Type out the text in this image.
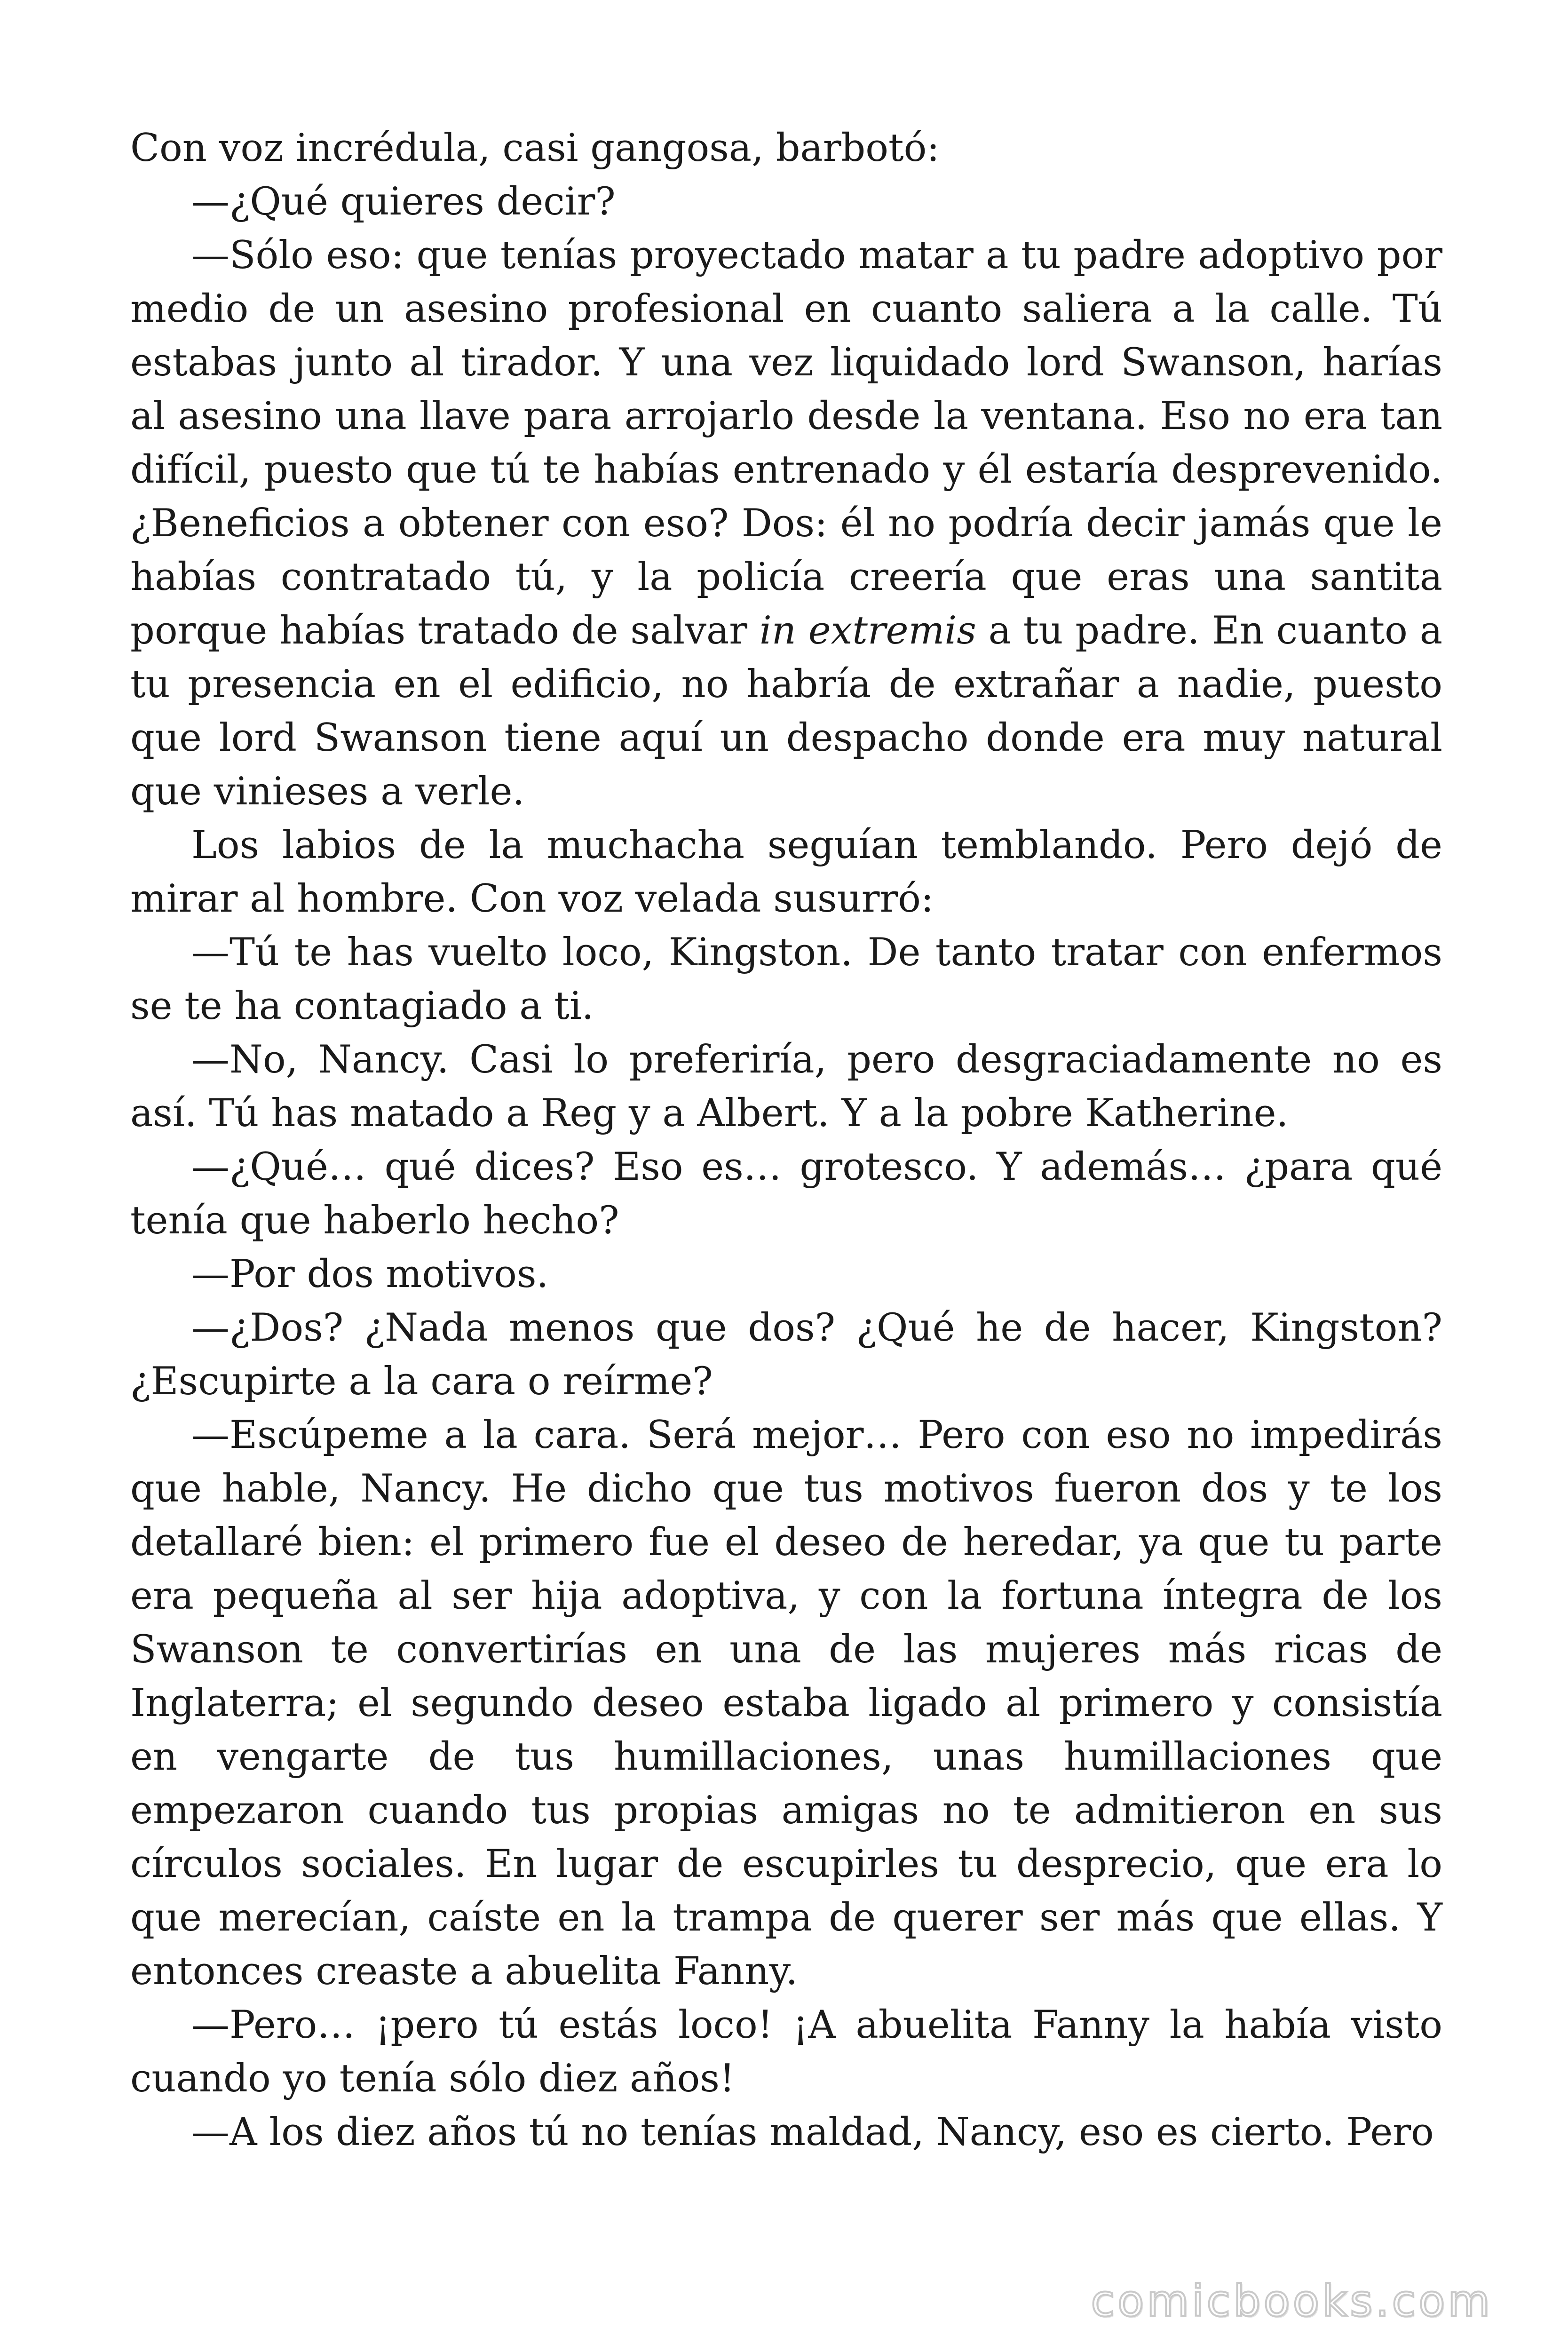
Con voz incrédula, casi gangosa, barbotó:

—¿Qué quieres decir?

—Sólo eso: que tenías proyectado matar a tu padre adoptivo por medio de un asesino profesional en cuanto saliera a la calle. Tú estabas junto al tirador. Y una vez liquidado lord Swanson, harías al asesino una llave para arrojarlo desde la ventana. Eso no era tan difícil, puesto que tú te habías entrenado y él estaría desprevenido. ¿Beneficios a obtener con eso? Dos: él no podría decir jamás que le habías contratado tú, y la policía creería que eras una santita porque habías tratado de salvar in extremis a tu padre. En cuanto a tu presencia en el edificio, no habría de extrañar a nadie, puesto que lord Swanson tiene aquí un despacho donde era muy natural que vinieses a verle.

Los labios de la muchacha seguían temblando. Pero dejó de mirar al hombre. Con voz velada susurró:

—Tú te has vuelto loco, Kingston. De tanto tratar con enfermos se te ha contagiado a ti.

—No, Nancy. Casi lo preferiría, pero desgraciadamente no es así. Tú has matado a Reg y a Albert. Y a la pobre Katherine.

—¿Qué… qué dices? Eso es… grotesco. Y además… ¿para qué tenía que haberlo hecho?

—Por dos motivos.

—¿Dos? ¿Nada menos que dos? ¿Qué he de hacer, Kingston? ¿Escupirte a la cara o reírme?

—Escúpeme a la cara. Será mejor… Pero con eso no impedirás que hable, Nancy. He dicho que tus motivos fueron dos y te los detallaré bien: el primero fue el deseo de heredar, ya que tu parte era pequeña al ser hija adoptiva, y con la fortuna íntegra de los Swanson te convertirías en una de las mujeres más ricas de Inglaterra; el segundo deseo estaba ligado al primero y consistía en vengarte de tus humillaciones, unas humillaciones que empezaron cuando tus propias amigas no te admitieron en sus círculos sociales. En lugar de escupirles tu desprecio, que era lo que merecían, caíste en la trampa de querer ser más que ellas. Y entonces creaste a abuelita Fanny.

—Pero… ¡pero tú estás loco! ¡A abuelita Fanny la había visto cuando yo tenía sólo diez años!

—A los diez años tú no tenías maldad, Nancy, eso es cierto. Pero

comicbooks.com
